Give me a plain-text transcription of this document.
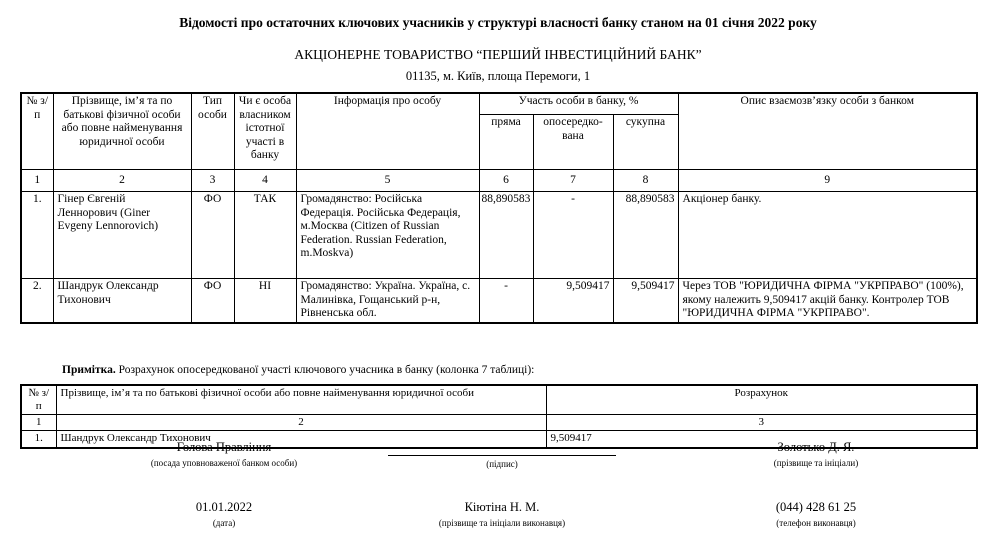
Відомості про остаточних ключових учасників у структурі власності банку станом на 01 січня 2022 року
АКЦІОНЕРНЕ ТОВАРИСТВО “ПЕРШИЙ ІНВЕСТИЦІЙНИЙ БАНК”
01135, м. Київ, площа Перемоги, 1
№ з/п	Прізвище, ім’я та по батькові фізичної особи або повне найменування юридичної особи	Тип особи	Чи є особа власником істотної участі в банку	Інформація про особу	Участь особи в банку, %			Опис взаємозв’язку особи з банком
					пряма	опосередко-вана	сукупна	
1	2	3	4	5	6	7	8	9
1.	Гінер Євгеній Леннорович (Giner Evgeny Lennorovich)	ФО	ТАК	Громадянство: Російська Федерація. Російська Федерація, м.Москва (Citizen of Russian Federation. Russian Federation, m.Moskva)	88,890583	-	88,890583	Акціонер банку.
2.	Шандрук Олександр Тихонович	ФО	НІ	Громадянство: Україна. Україна, с. Малинівка, Гощанський р-н, Рівненська обл.	-	9,509417	9,509417	Через ТОВ "ЮРИДИЧНА ФІРМА "УКРПРАВО" (100%), якому належить 9,509417 акцій банку. Контролер ТОВ "ЮРИДИЧНА ФІРМА "УКРПРАВО".
Примітка. Розрахунок опосередкованої участі ключового учасника в банку (колонка 7 таблиці):
№ з/п	Прізвище, ім’я та по батькові фізичної особи або повне найменування юридичної особи	Розрахунок
1	2	3
1.	Шандрук Олександр Тихонович	9,509417
Голова Правління
(посада уповноваженої банком особи)	(підпис)
Золотько Д. Я.
(прізвище та ініціали)
01.01.2022
(дата)
Кіютіна Н. М.
(прізвище та ініціали виконавця)
(044) 428 61 25
(телефон виконавця)
